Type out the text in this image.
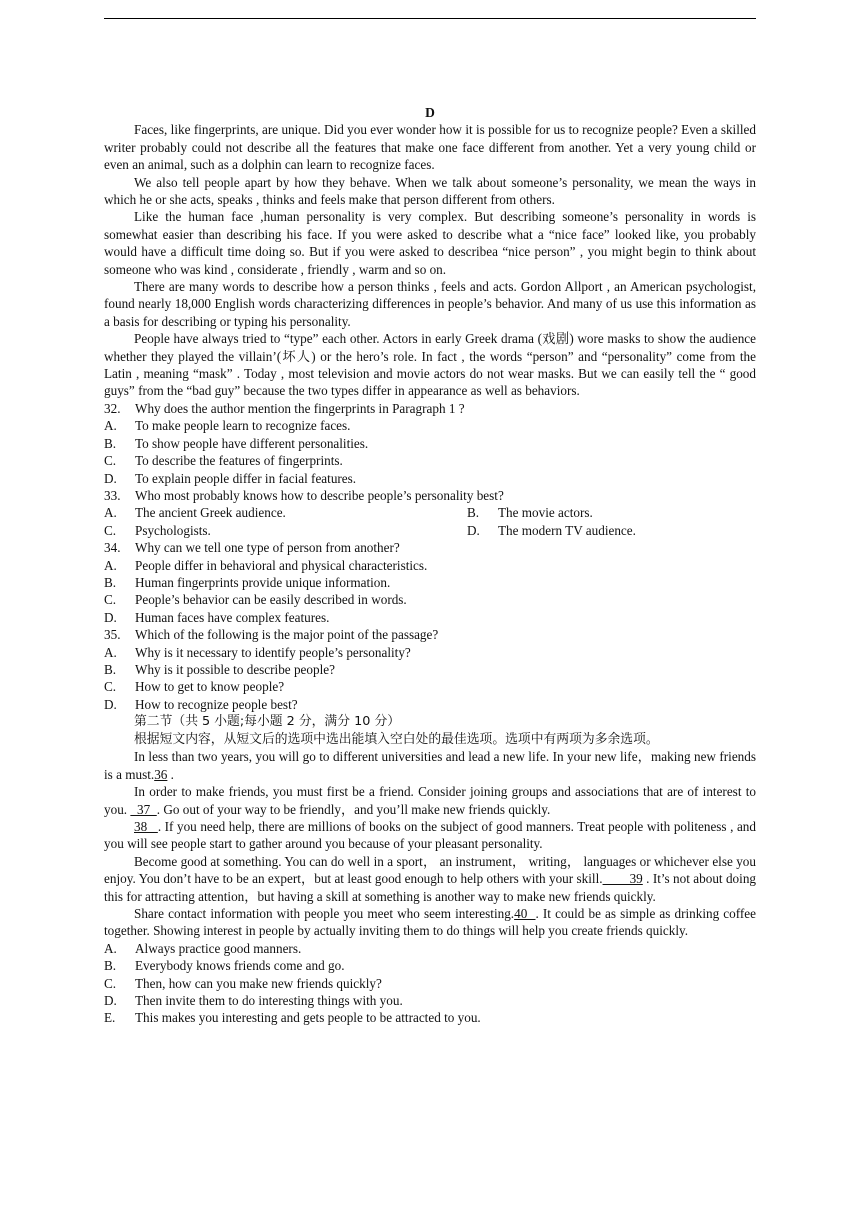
D

Faces, like fingerprints, are unique. Did you ever wonder how it is possible for us to recognize people? Even a skilled writer probably could not describe all the features that make one face different from another. Yet a very young child or even an animal, such as a dolphin can learn to recognize faces.

We also tell people apart by how they behave. When we talk about someone’s personality, we mean the ways in which he or she acts, speaks , thinks and feels make that person different from others.

Like the human face ,human personality is very complex. But describing someone’s personality in words is somewhat easier than describing his face. If you were asked to describe what a “nice face” looked like, you probably would have a difficult time doing so. But if you were asked to describea “nice person” , you might begin to think about someone who was kind , considerate , friendly , warm and so on.

There are many words to describe how a person thinks , feels and acts. Gordon Allport , an American psychologist, found nearly 18,000 English words characterizing differences in people’s behavior. And many of us use this information as a basis for describing or typing his personality.

People have always tried to “type” each other. Actors in early Greek drama (戏剧) wore masks to show the audience whether they played the villain’(坏人) or the hero’s role. In fact , the words “person” and “personality” come from the Latin , meaning “mask” . Today , most television and movie actors do not wear masks. But we can easily tell the “ good guys” from the “bad guy” because the two types differ in appearance as well as behaviors.

32.	Why does the author mention the fingerprints in Paragraph 1 ?
A.	To make people learn to recognize faces.
B.	To show people have different personalities.
C.	To describe the features of fingerprints.
D.	To explain people differ in facial features.
33.	Who most probably knows how to describe people’s personality best?
A.	The ancient Greek audience.	B.	The movie actors.
C.	Psychologists.	D.	The modern TV audience.
34.	Why can we tell one type of person from another?
A.	People differ in behavioral and physical characteristics.
B.	Human fingerprints provide unique information.
C.	People’s behavior can be easily described in words.
D.	Human faces have complex features.
35.	Which of the following is the major point of the passage?
A.	Why is it necessary to identify people’s personality?
B.	Why is it possible to describe people?
C.	How to get to know people?
D.	How to recognize people best?

第二节（共 5 小题;每小题 2 分，满分 10 分）

根据短文内容，从短文后的选项中选出能填入空白处的最佳选项。选项中有两项为多余选项。

In less than two years, you will go to different universities and lead a new life. In your new life，making new friends is a must.36 .

In order to make friends, you must first be a friend. Consider joining groups and associations that are of interest to you.   37  . Go out of your way to be friendly，and you’ll make new friends quickly.

38   . If you need help, there are millions of books on the subject of good manners. Treat people with politeness , and you will see people start to gather around you because of your pleasant personality.

Become good at something. You can do well in a sport， an instrument， writing， languages or whichever else you enjoy. You don’t have to be an expert，but at least good enough to help others with your skill.        39 . It’s not about doing this for attracting attention，but having a skill at something is another way to make new friends quickly.

Share contact information with people you meet who seem interesting.40  . It could be as simple as drinking coffee together. Showing interest in people by actually inviting them to do things will help you create friends quickly.

A.	Always practice good manners.
B.	Everybody knows friends come and go.
C.	Then, how can you make new friends quickly?
D.	Then invite them to do interesting things with you.
E.	This makes you interesting and gets people to be attracted to you.
